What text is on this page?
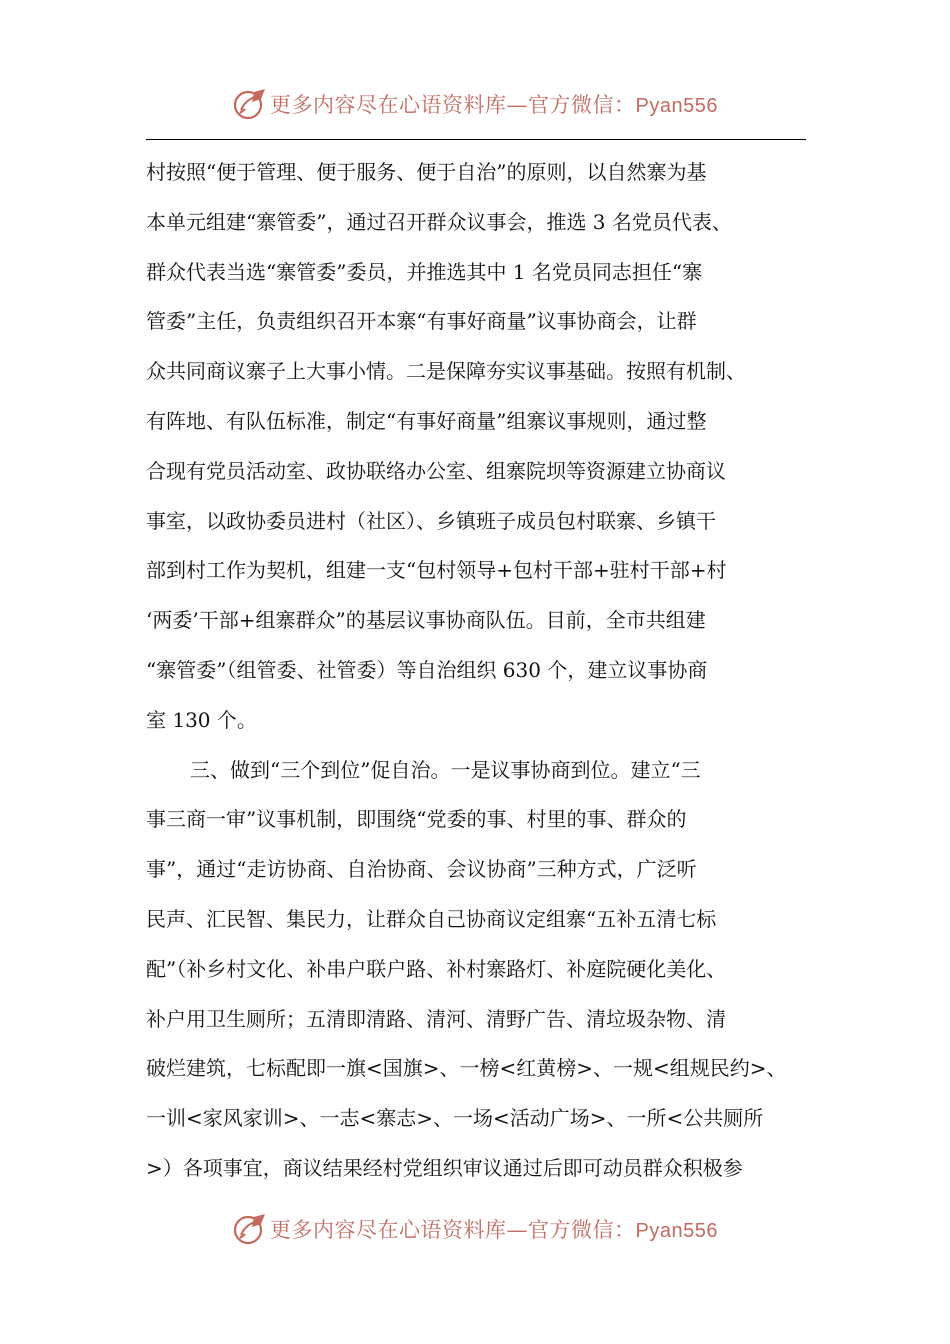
更多内容尽在心语资料库—官方微信：Pyan556
村按照“便于管理、便于服务、便于自治”的原则，以自然寨为基
本单元组建“寨管委”，通过召开群众议事会，推选 3 名党员代表、
群众代表当选“寨管委”委员，并推选其中 1 名党员同志担任“寨
管委”主任，负责组织召开本寨“有事好商量”议事协商会，让群
众共同商议寨子上大事小情。二是保障夯实议事基础。按照有机制、
有阵地、有队伍标准，制定“有事好商量”组寨议事规则，通过整
合现有党员活动室、政协联络办公室、组寨院坝等资源建立协商议
事室，以政协委员进村（社区）、乡镇班子成员包村联寨、乡镇干
部到村工作为契机，组建一支“包村领导+包村干部+驻村干部+村
‘两委’干部+组寨群众”的基层议事协商队伍。目前，全市共组建
“寨管委”（组管委、社管委）等自治组织 630 个，建立议事协商
室 130 个。
三、做到“三个到位”促自治。一是议事协商到位。建立“三
事三商一审”议事机制，即围绕“党委的事、村里的事、群众的
事”，通过“走访协商、自治协商、会议协商”三种方式，广泛听
民声、汇民智、集民力，让群众自己协商议定组寨“五补五清七标
配”（补乡村文化、补串户联户路、补村寨路灯、补庭院硬化美化、
补户用卫生厕所；五清即清路、清河、清野广告、清垃圾杂物、清
破烂建筑，七标配即一旗<国旗>、一榜<红黄榜>、一规<组规民约>、
一训<家风家训>、一志<寨志>、一场<活动广场>、一所<公共厕所
>）各项事宜，商议结果经村党组织审议通过后即可动员群众积极参
更多内容尽在心语资料库—官方微信：Pyan556
